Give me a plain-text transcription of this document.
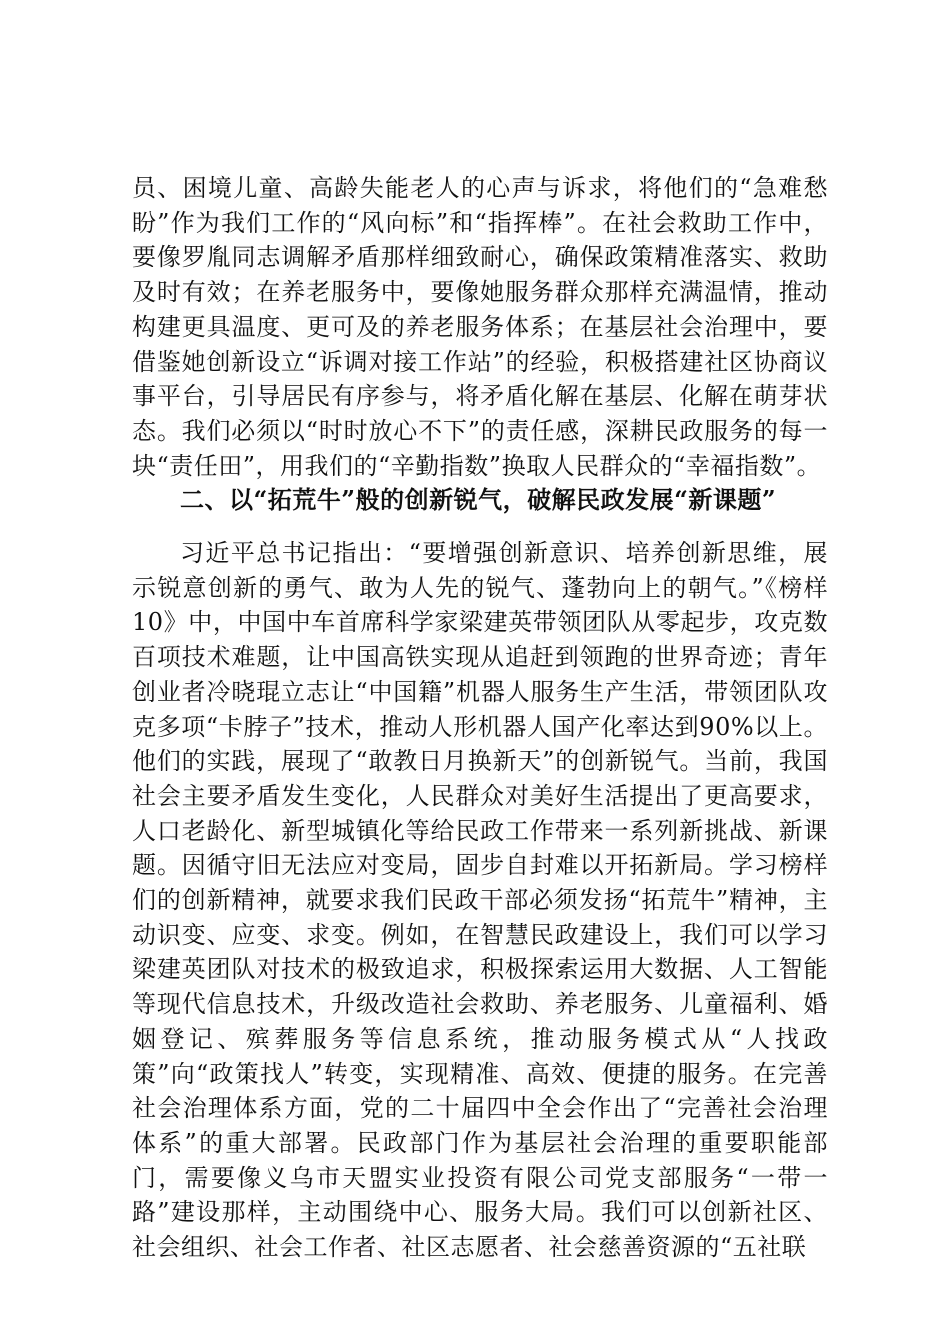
员、困境儿童、高龄失能老人的心声与诉求，将他们的“急难愁盼”作为我们工作的“风向标”和“指挥棒”。在社会救助工作中，要像罗胤同志调解矛盾那样细致耐心，确保政策精准落实、救助及时有效；在养老服务中，要像她服务群众那样充满温情，推动构建更具温度、更可及的养老服务体系；在基层社会治理中，要借鉴她创新设立“诉调对接工作站”的经验，积极搭建社区协商议事平台，引导居民有序参与，将矛盾化解在基层、化解在萌芽状态。我们必须以“时时放心不下”的责任感，深耕民政服务的每一块“责任田”，用我们的“辛勤指数”换取人民群众的“幸福指数”。

二、以“拓荒牛”般的创新锐气，破解民政发展“新课题”

习近平总书记指出：“要增强创新意识、培养创新思维，展示锐意创新的勇气、敢为人先的锐气、蓬勃向上的朝气。”《榜样10》中，中国中车首席科学家梁建英带领团队从零起步，攻克数百项技术难题，让中国高铁实现从追赶到领跑的世界奇迹；青年创业者冷晓琨立志让“中国籍”机器人服务生产生活，带领团队攻克多项“卡脖子”技术，推动人形机器人国产化率达到90%以上。他们的实践，展现了“敢教日月换新天”的创新锐气。当前，我国社会主要矛盾发生变化，人民群众对美好生活提出了更高要求，人口老龄化、新型城镇化等给民政工作带来一系列新挑战、新课题。因循守旧无法应对变局，固步自封难以开拓新局。学习榜样们的创新精神，就要求我们民政干部必须发扬“拓荒牛”精神，主动识变、应变、求变。例如，在智慧民政建设上，我们可以学习梁建英团队对技术的极致追求，积极探索运用大数据、人工智能等现代信息技术，升级改造社会救助、养老服务、儿童福利、婚姻登记、殡葬服务等信息系统，推动服务模式从“人找政策”向“政策找人”转变，实现精准、高效、便捷的服务。在完善社会治理体系方面，党的二十届四中全会作出了“完善社会治理体系”的重大部署。民政部门作为基层社会治理的重要职能部门，需要像义乌市天盟实业投资有限公司党支部服务“一带一路”建设那样，主动围绕中心、服务大局。我们可以创新社区、社会组织、社会工作者、社区志愿者、社会慈善资源的“五社联
